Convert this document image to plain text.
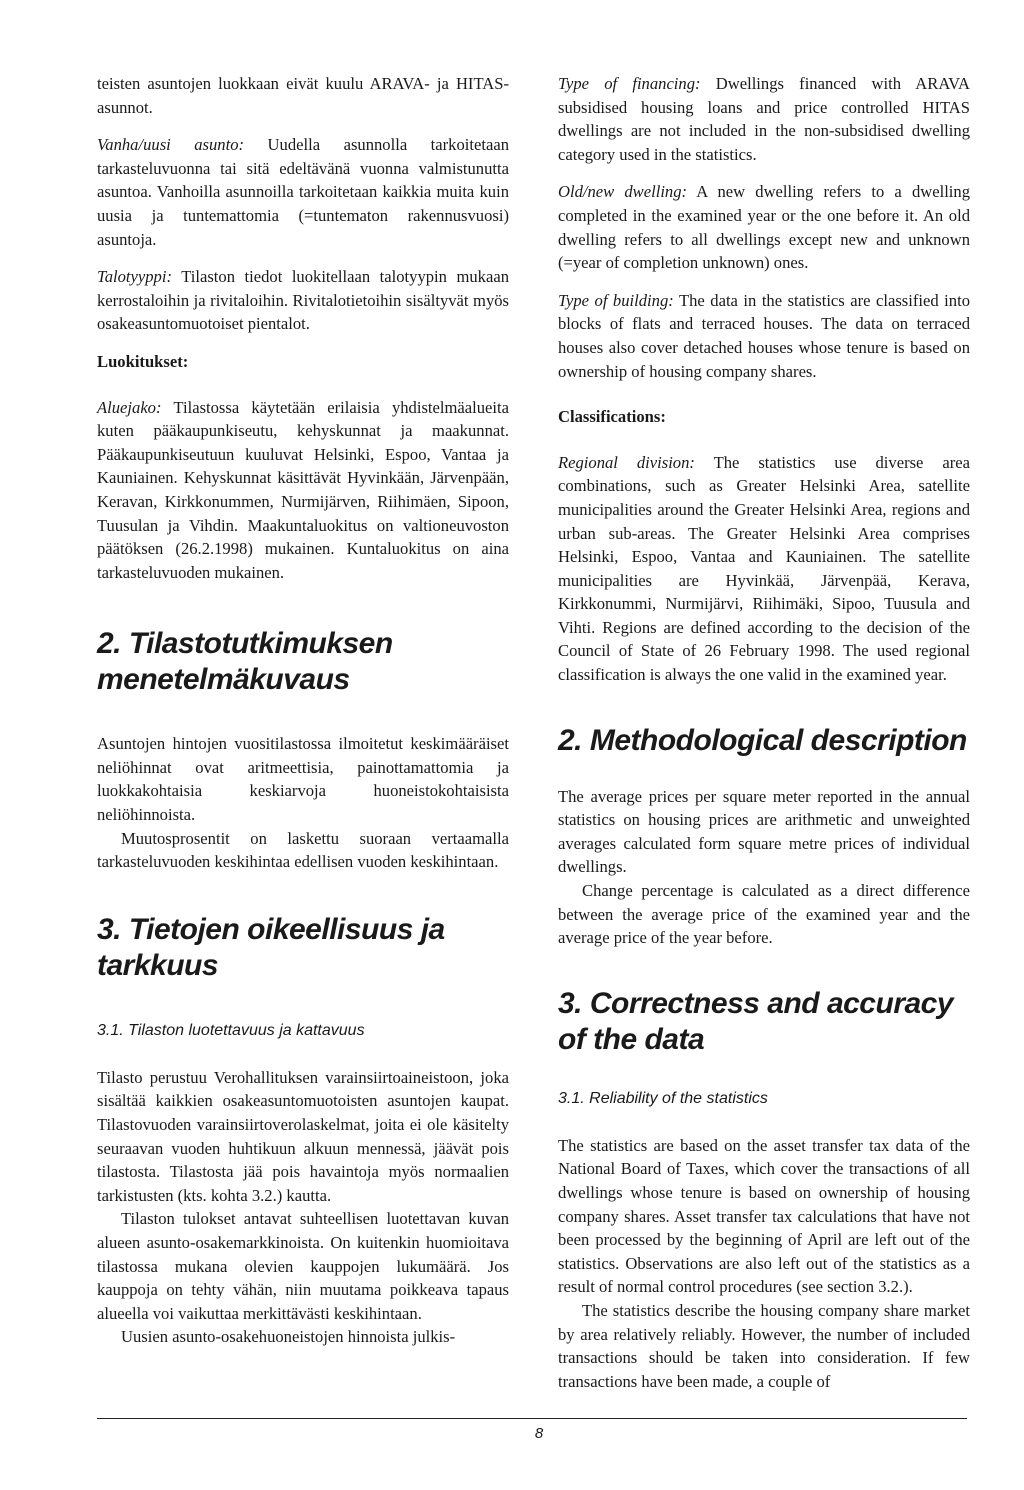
teisten asuntojen luokkaan eivät kuulu ARAVA- ja HITAS-asunnot.

Vanha/uusi asunto: Uudella asunnolla tarkoitetaan tarkasteluvuonna tai sitä edeltävänä vuonna valmistunutta asuntoa. Vanhoilla asunnoilla tarkoitetaan kaikkia muita kuin uusia ja tuntemattomia (=tuntematon rakennusvuosi) asuntoja.

Talotyyppi: Tilaston tiedot luokitellaan talotyypin mukaan kerrostaloihin ja rivitaloihin. Rivitalotietoihin sisältyvät myös osakeasuntomuotoiset pientalot.

Luokitukset:

Aluejako: Tilastossa käytetään erilaisia yhdistelmäalueita kuten pääkaupunkiseutu, kehyskunnat ja maakunnat. Pääkaupunkiseutuun kuuluvat Helsinki, Espoo, Vantaa ja Kauniainen. Kehyskunnat käsittävät Hyvinkään, Järvenpään, Keravan, Kirkkonummen, Nurmijärven, Riihimäen, Sipoon, Tuusulan ja Vihdin. Maakuntaluokitus on valtioneuvoston päätöksen (26.2.1998) mukainen. Kuntaluokitus on aina tarkasteluvuoden mukainen.

2. Tilastotutkimuksen menetelmäkuvaus

Asuntojen hintojen vuositilastossa ilmoitetut keskimääräiset neliöhinnat ovat aritmeettisia, painottamattomia ja luokkakohtaisia keskiarvoja huoneistokohtaisista neliöhinnoista.

Muutosprosentit on laskettu suoraan vertaamalla tarkasteluvuoden keskihintaa edellisen vuoden keskihintaan.

3. Tietojen oikeellisuus ja tarkkuus

3.1. Tilaston luotettavuus ja kattavuus

Tilasto perustuu Verohallituksen varainsiirtoaineistoon, joka sisältää kaikkien osakeasuntomuotoisten asuntojen kaupat. Tilastovuoden varainsiirtoverolaskelmat, joita ei ole käsitelty seuraavan vuoden huhtikuun alkuun mennessä, jäävät pois tilastosta. Tilastosta jää pois havaintoja myös normaalien tarkistusten (kts. kohta 3.2.) kautta.

Tilaston tulokset antavat suhteellisen luotettavan kuvan alueen asunto-osakemarkkinoista. On kuitenkin huomioitava tilastossa mukana olevien kauppojen lukumäärä. Jos kauppoja on tehty vähän, niin muutama poikkeava tapaus alueella voi vaikuttaa merkittävästi keskihintaan.

Uusien asunto-osakehuoneistojen hinnoista julkis-

Type of financing: Dwellings financed with ARAVA subsidised housing loans and price controlled HITAS dwellings are not included in the non-subsidised dwelling category used in the statistics.

Old/new dwelling: A new dwelling refers to a dwelling completed in the examined year or the one before it. An old dwelling refers to all dwellings except new and unknown (=year of completion unknown) ones.

Type of building: The data in the statistics are classified into blocks of flats and terraced houses. The data on terraced houses also cover detached houses whose tenure is based on ownership of housing company shares.

Classifications:

Regional division: The statistics use diverse area combinations, such as Greater Helsinki Area, satellite municipalities around the Greater Helsinki Area, regions and urban sub-areas. The Greater Helsinki Area comprises Helsinki, Espoo, Vantaa and Kauniainen. The satellite municipalities are Hyvinkää, Järvenpää, Kerava, Kirkkonummi, Nurmijärvi, Riihimäki, Sipoo, Tuusula and Vihti. Regions are defined according to the decision of the Council of State of 26 February 1998. The used regional classification is always the one valid in the examined year.

2. Methodological description

The average prices per square meter reported in the annual statistics on housing prices are arithmetic and unweighted averages calculated form square metre prices of individual dwellings.

Change percentage is calculated as a direct difference between the average price of the examined year and the average price of the year before.

3. Correctness and accuracy of the data

3.1. Reliability of the statistics

The statistics are based on the asset transfer tax data of the National Board of Taxes, which cover the transactions of all dwellings whose tenure is based on ownership of housing company shares. Asset transfer tax calculations that have not been processed by the beginning of April are left out of the statistics. Observations are also left out of the statistics as a result of normal control procedures (see section 3.2.).

The statistics describe the housing company share market by area relatively reliably. However, the number of included transactions should be taken into consideration. If few transactions have been made, a couple of

8
